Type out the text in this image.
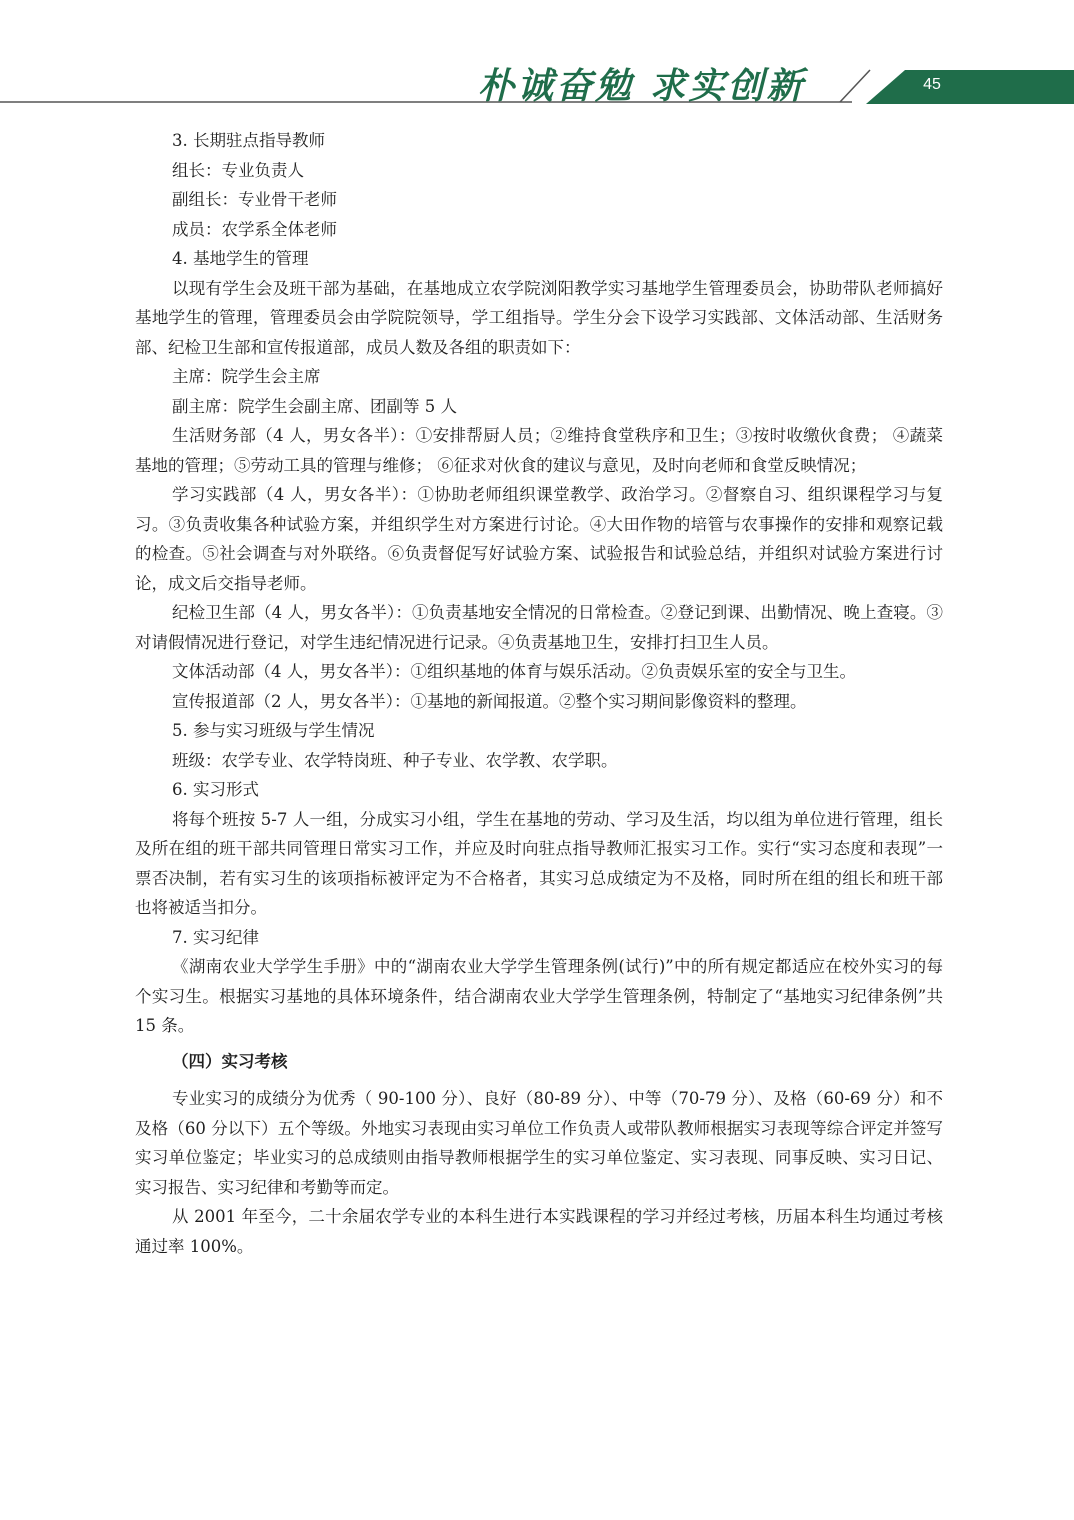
朴诚奋勉 求实创新	45

3. 长期驻点指导教师

组长：专业负责人

副组长：专业骨干老师

成员：农学系全体老师

4. 基地学生的管理

以现有学生会及班干部为基础，在基地成立农学院浏阳教学实习基地学生管理委员会，协助带队老师搞好基地学生的管理，管理委员会由学院院领导，学工组指导。学生分会下设学习实践部、文体活动部、生活财务部、纪检卫生部和宣传报道部，成员人数及各组的职责如下：

主席：院学生会主席

副主席：院学生会副主席、团副等 5 人

生活财务部（4 人，男女各半）：①安排帮厨人员；②维持食堂秩序和卫生；③按时收缴伙食费； ④蔬菜基地的管理；⑤劳动工具的管理与维修； ⑥征求对伙食的建议与意见，及时向老师和食堂反映情况；

学习实践部（4 人，男女各半）：①协助老师组织课堂教学、政治学习。②督察自习、组织课程学习与复习。③负责收集各种试验方案，并组织学生对方案进行讨论。④大田作物的培管与农事操作的安排和观察记载的检查。⑤社会调查与对外联络。⑥负责督促写好试验方案、试验报告和试验总结，并组织对试验方案进行讨论，成文后交指导老师。

纪检卫生部（4 人，男女各半）：①负责基地安全情况的日常检查。②登记到课、出勤情况、晚上查寝。③对请假情况进行登记，对学生违纪情况进行记录。④负责基地卫生，安排打扫卫生人员。

文体活动部（4 人，男女各半）：①组织基地的体育与娱乐活动。②负责娱乐室的安全与卫生。

宣传报道部（2 人，男女各半）：①基地的新闻报道。②整个实习期间影像资料的整理。

5. 参与实习班级与学生情况

班级：农学专业、农学特岗班、种子专业、农学教、农学职。

6. 实习形式

将每个班按 5-7 人一组，分成实习小组，学生在基地的劳动、学习及生活，均以组为单位进行管理，组长及所在组的班干部共同管理日常实习工作，并应及时向驻点指导教师汇报实习工作。实行“实习态度和表现”一票否决制，若有实习生的该项指标被评定为不合格者，其实习总成绩定为不及格，同时所在组的组长和班干部也将被适当扣分。

7. 实习纪律

《湖南农业大学学生手册》中的“湖南农业大学学生管理条例(试行)”中的所有规定都适应在校外实习的每个实习生。根据实习基地的具体环境条件，结合湖南农业大学学生管理条例，特制定了“基地实习纪律条例”共 15 条。

（四）实习考核

专业实习的成绩分为优秀（ 90-100 分）、良好（80-89 分）、中等（70-79 分）、及格（60-69 分）和不及格（60 分以下）五个等级。外地实习表现由实习单位工作负责人或带队教师根据实习表现等综合评定并签写实习单位鉴定；毕业实习的总成绩则由指导教师根据学生的实习单位鉴定、实习表现、同事反映、实习日记、实习报告、实习纪律和考勤等而定。

从 2001 年至今，二十余届农学专业的本科生进行本实践课程的学习并经过考核，历届本科生均通过考核通过率 100%。
